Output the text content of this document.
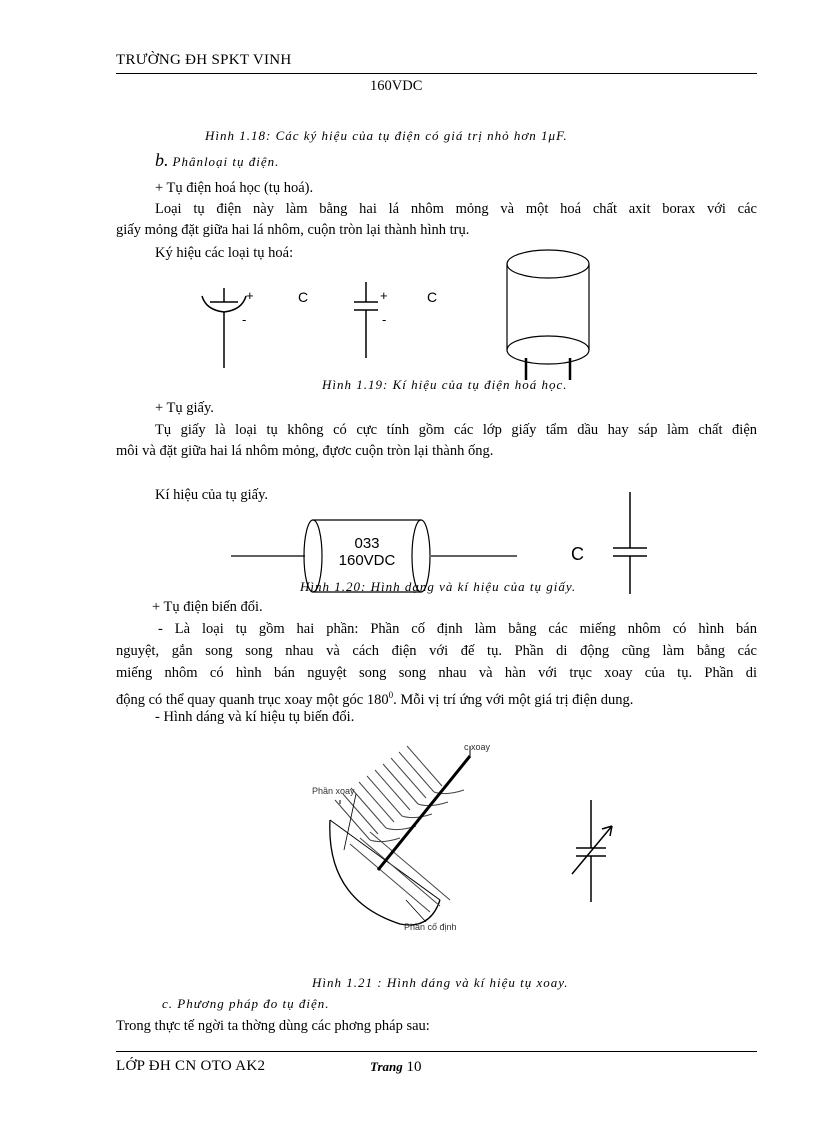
TRƯỜNG ĐH SPKT VINH
160VDC
Hình 1.18: Các ký hiệu của tụ điện có giá trị nhỏ hơn 1μF.
b. Phânloại tụ điện.
+ Tụ điện hoá học (tụ hoá).
Loại tụ điện này làm bằng hai lá nhôm mỏng và một hoá chất axit borax với các
giấy mỏng đặt giữa hai lá nhôm, cuộn tròn lại thành hình trụ.
Ký hiệu các loại tụ hoá:
+
-
C	+
-
C
Hình 1.19: Kí hiệu của tụ điện hoá học.
+ Tụ giấy.
Tụ giấy là loại tụ không có cực tính gồm các lớp giấy tẩm dầu hay sáp làm chất điện
môi và đặt giữa hai lá nhôm mỏng, đựơc cuộn tròn lại thành ống.
Kí hiệu của tụ giấy.
033
160VDC	C
Hình 1.20: Hình dạng và kí hiệu của tụ giấy.
+ Tụ điện biến đổi.
- Là loại tụ gồm hai phần: Phần cố định làm bằng các miếng nhôm có hình bán
nguyệt, gắn song song nhau và cách điện với đế tụ. Phần di động cũng làm bằng các
miếng nhôm có hình bán nguyệt song song nhau và hàn với trục xoay của tụ. Phần di
động có thể quay quanh trục xoay một góc $180^0$. Mỗi vị trí ứng với một giá trị điện dung.
- Hình dáng và kí hiệu tụ biến đổi.
c xoay
Phần xoay
Phần cố định
Hình 1.21 : Hình dáng và kí hiệu tụ xoay.
c. Phương pháp đo tụ điện.
Trong thực tế ngời ta thờng dùng các phơng pháp sau:
LỚP ĐH CN OTO AK2	Trang 10
